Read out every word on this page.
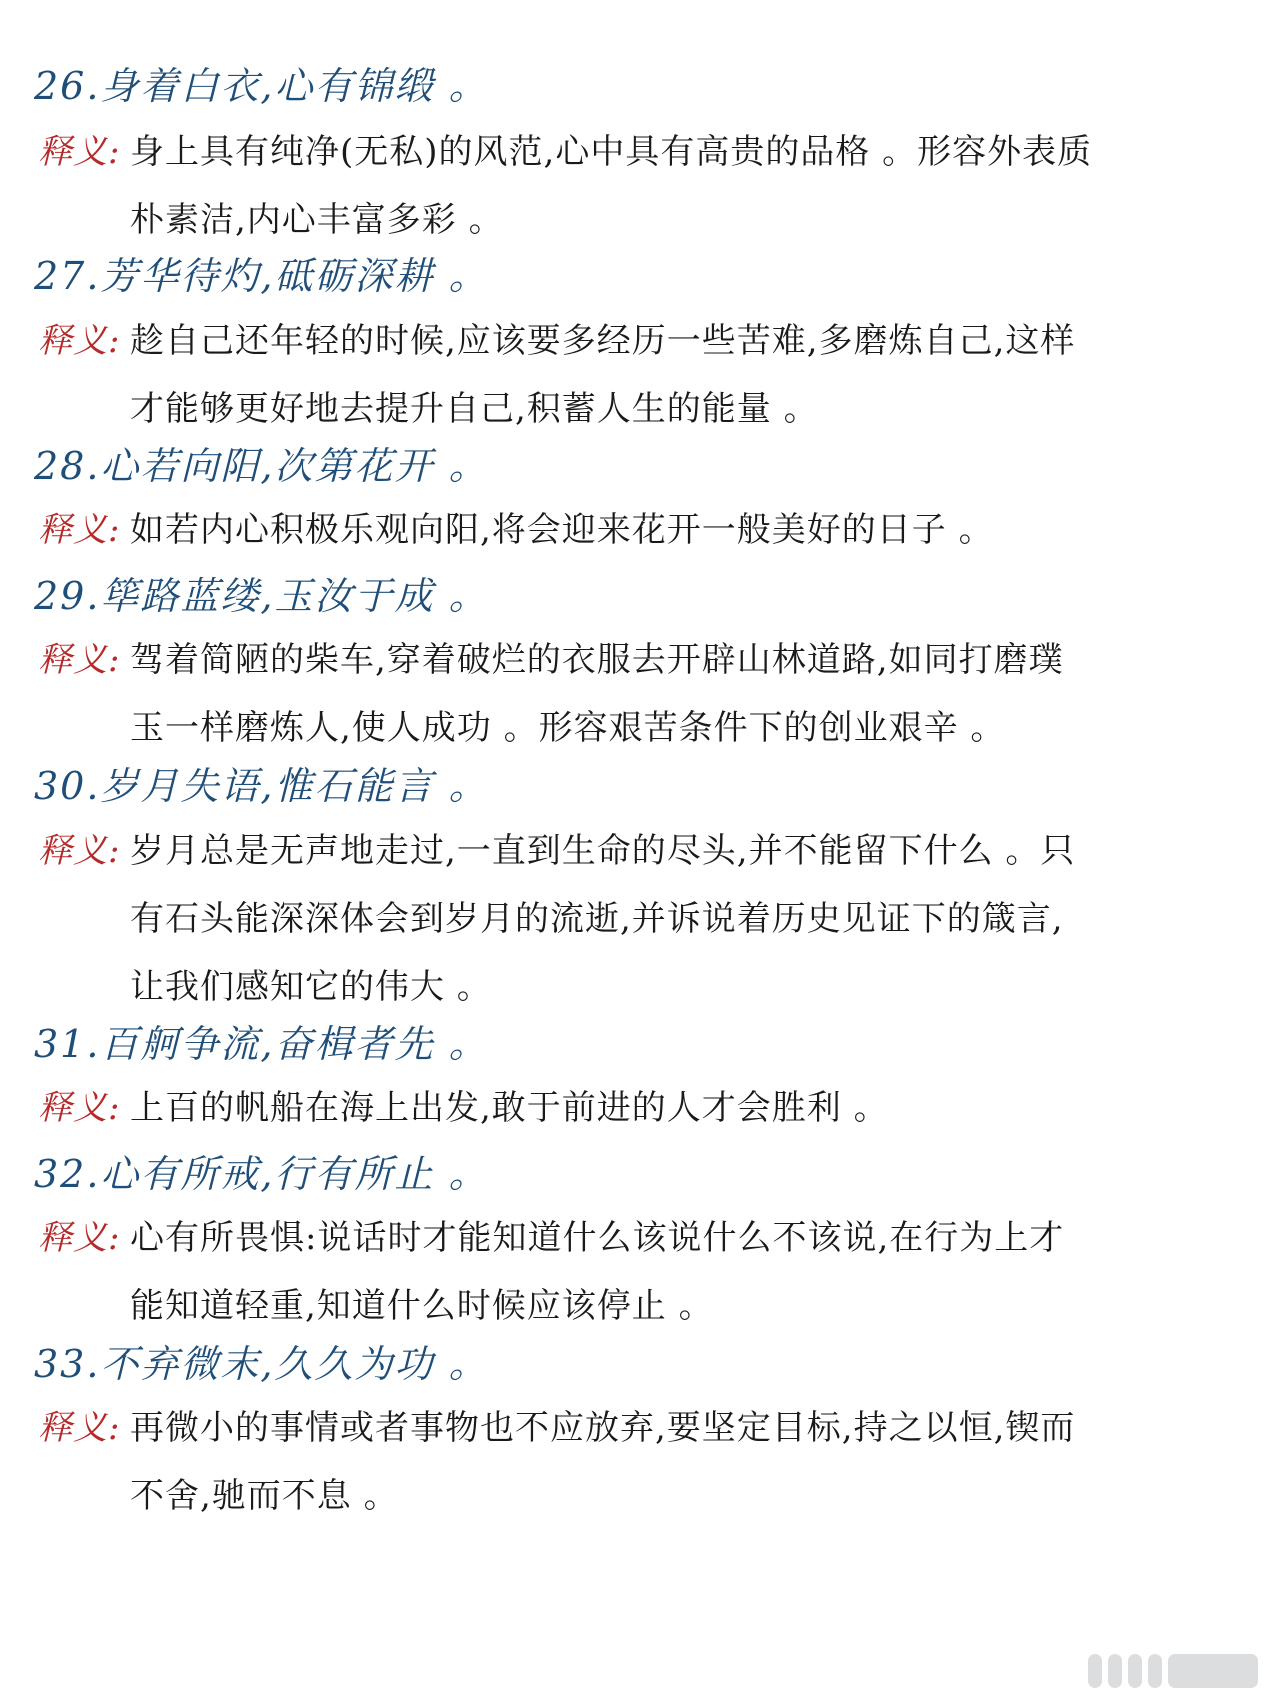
26.身着白衣,心有锦缎 。
释义: 身上具有纯净(无私)的风范,心中具有高贵的品格 。形容外表质
朴素洁,内心丰富多彩 。
27.芳华待灼,砥砺深耕 。
释义: 趁自己还年轻的时候,应该要多经历一些苦难,多磨炼自己,这样
才能够更好地去提升自己,积蓄人生的能量 。
28.心若向阳,次第花开 。
释义: 如若内心积极乐观向阳,将会迎来花开一般美好的日子 。
29.筚路蓝缕,玉汝于成 。
释义: 驾着简陋的柴车,穿着破烂的衣服去开辟山林道路,如同打磨璞
玉一样磨炼人,使人成功 。形容艰苦条件下的创业艰辛 。
30.岁月失语,惟石能言 。
释义: 岁月总是无声地走过,一直到生命的尽头,并不能留下什么 。只
有石头能深深体会到岁月的流逝,并诉说着历史见证下的箴言,
让我们感知它的伟大 。
31.百舸争流,奋楫者先 。
释义: 上百的帆船在海上出发,敢于前进的人才会胜利 。
32.心有所戒,行有所止 。
释义: 心有所畏惧:说话时才能知道什么该说什么不该说,在行为上才
能知道轻重,知道什么时候应该停止 。
33.不弃微末,久久为功 。
释义: 再微小的事情或者事物也不应放弃,要坚定目标,持之以恒,锲而
不舍,驰而不息 。
